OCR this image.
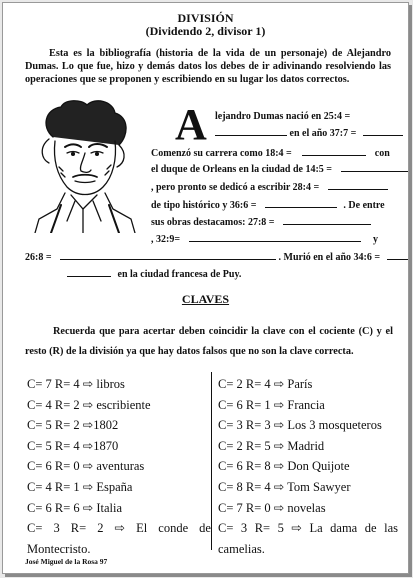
DIVISIÓN
(Dividendo 2, divisor 1)
Esta es la bibliografía (historia de la vida de un personaje) de Alejandro Dumas. Lo que fue, hizo y demás datos los debes de ir adivinando resolviendo las operaciones que se proponen y escribiendo en su lugar los datos correctos.
A lejandro Dumas nació en 25:4 =
en el año 37:7 =
Comenzó su carrera como 18:4 =	con
el duque de Orleans en la ciudad de 14:5 =
, pero pronto se dedicó a escribir 28:4 =
de tipo histórico y 36:6 =	. De entre
sus obras destacamos: 27:8 =
, 32:9=	y
26:8 =	. Murió en el año 34:6 =
en la ciudad francesa de Puy.
CLAVES
Recuerda que para acertar deben coincidir la clave con el cociente (C) y el resto (R) de la división ya que hay datos falsos que no son la clave correcta.
C= 7 R= 4 ⇨ libros
C= 4 R= 2 ⇨ escribiente
C= 5 R= 2 ⇨1802
C= 5 R= 4 ⇨1870
C= 6 R= 0 ⇨ aventuras
C= 4 R= 1 ⇨ España
C= 6 R= 6 ⇨ Italia
C= 3 R= 2 ⇨ El conde de Montecristo.
C= 2 R= 4 ⇨ París
C= 6 R= 1 ⇨ Francia
C= 3 R= 3 ⇨ Los 3 mosqueteros
C= 2 R= 5 ⇨ Madrid
C= 6 R= 8 ⇨ Don Quijote
C= 8 R= 4 ⇨ Tom Sawyer
C= 7 R= 0 ⇨ novelas
C= 3 R= 5 ⇨ La dama de las camelias.
José Miguel de la Rosa 97
